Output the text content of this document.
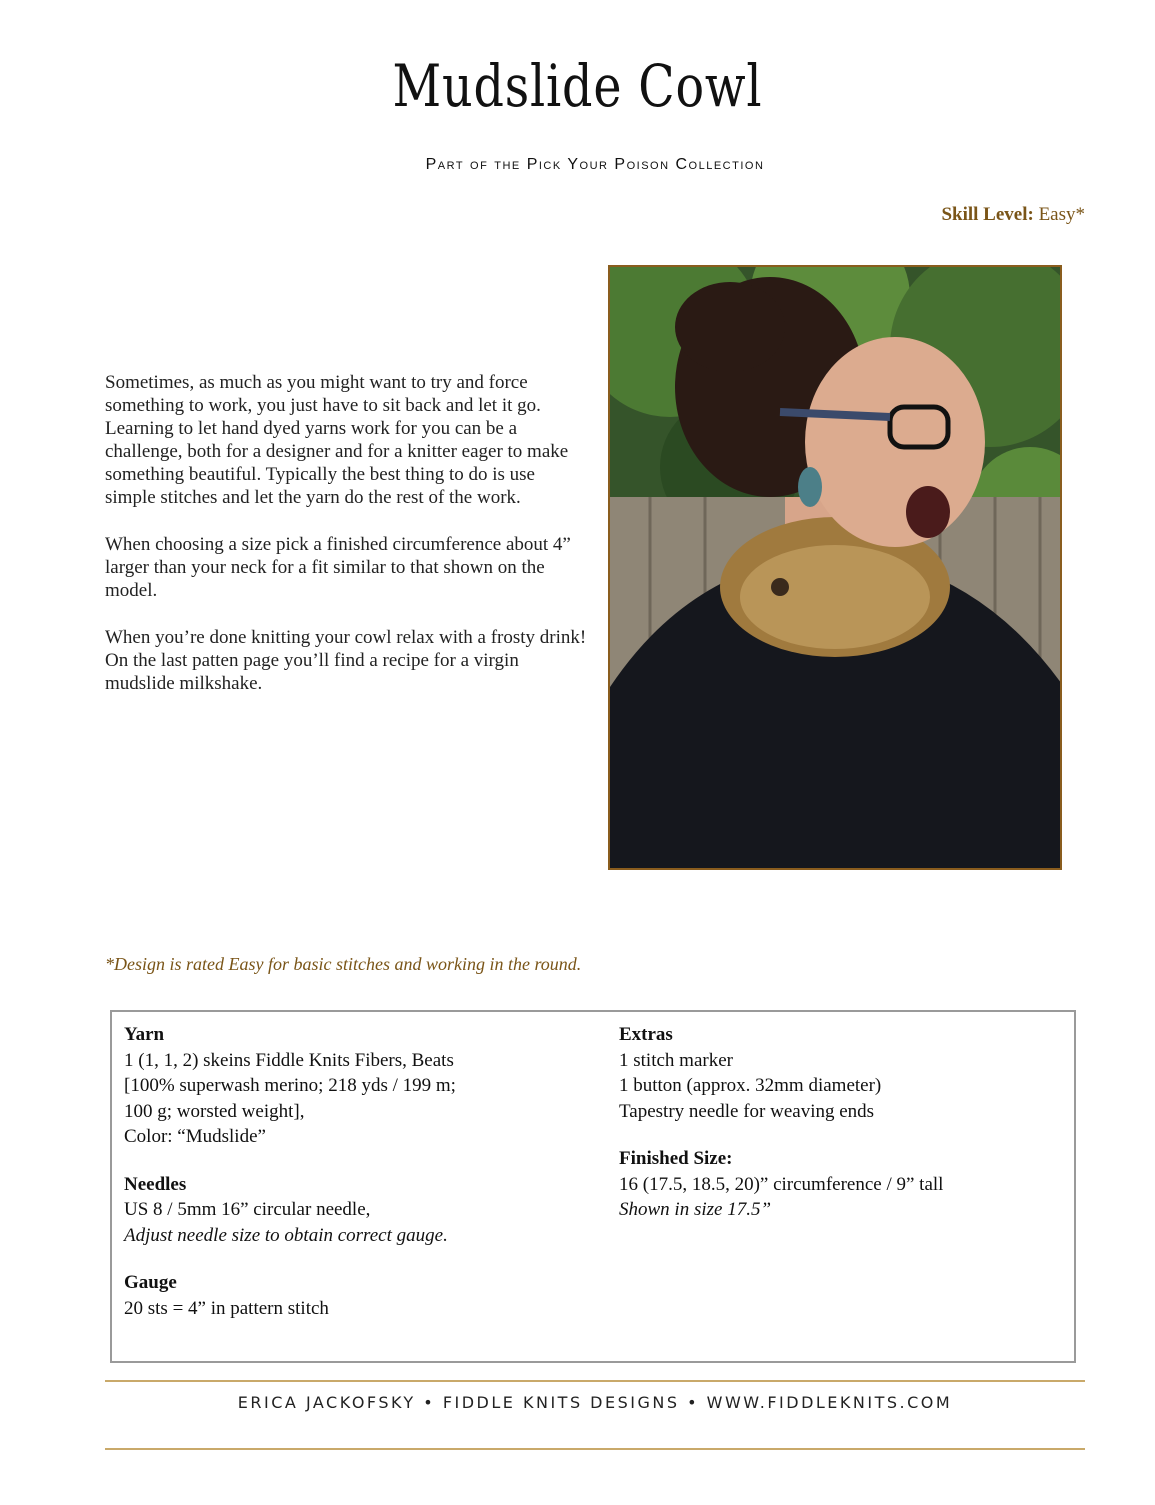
Mudslide Cowl
Part of the Pick Your Poison Collection
Skill Level: Easy*

Sometimes, as much as you might want to try and force something to work, you just have to sit back and let it go. Learning to let hand dyed yarns work for you can be a challenge, both for a designer and for a knitter eager to make something beautiful. Typically the best thing to do is use simple stitches and let the yarn do the rest of the work.

When choosing a size pick a finished circumference about 4” larger than your neck for a fit similar to that shown on the model.

When you’re done knitting your cowl relax with a frosty drink! On the last patten page you’ll find a recipe for a virgin mudslide milkshake.

*Design is rated Easy for basic stitches and working in the round.
Yarn
1 (1, 1, 2) skeins Fiddle Knits Fibers, Beats
[100% superwash merino; 218 yds / 199 m;
100 g; worsted weight],
Color: “Mudslide”
Needles
US 8 / 5mm 16” circular needle,
Adjust needle size to obtain correct gauge.
Gauge
20 sts = 4” in pattern stitch
Extras
1 stitch marker
1 button (approx. 32mm diameter)
Tapestry needle for weaving ends
Finished Size:
16 (17.5, 18.5, 20)” circumference / 9” tall
Shown in size 17.5”
ERICA JACKOFSKY • FIDDLE KNITS DESIGNS • WWW.FIDDLEKNITS.COM
